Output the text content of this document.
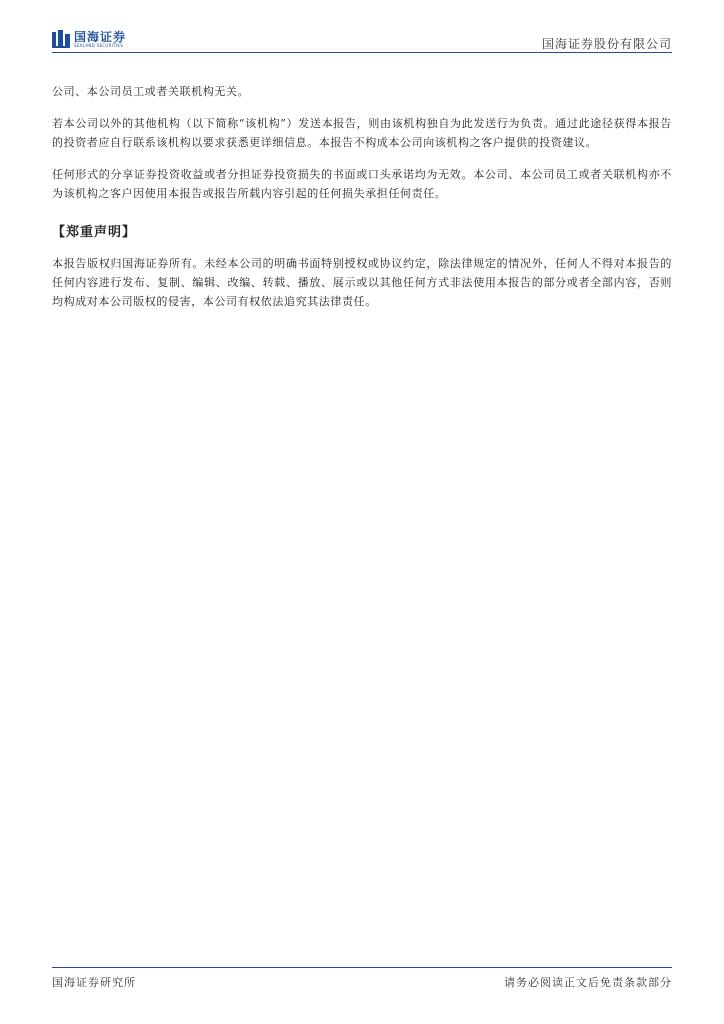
国海证券
SEALAND SECURITIES	国海证券股份有限公司

公司、本公司员工或者关联机构无关。

若本公司以外的其他机构（以下简称“该机构”）发送本报告，则由该机构独自为此发送行为负责。通过此途径获得本报告的投资者应自行联系该机构以要求获悉更详细信息。本报告不构成本公司向该机构之客户提供的投资建议。

任何形式的分享证券投资收益或者分担证券投资损失的书面或口头承诺均为无效。本公司、本公司员工或者关联机构亦不为该机构之客户因使用本报告或报告所载内容引起的任何损失承担任何责任。

【郑重声明】

本报告版权归国海证券所有。未经本公司的明确书面特别授权或协议约定，除法律规定的情况外，任何人不得对本报告的任何内容进行发布、复制、编辑、改编、转载、播放、展示或以其他任何方式非法使用本报告的部分或者全部内容，否则均构成对本公司版权的侵害，本公司有权依法追究其法律责任。

国海证券研究所	请务必阅读正文后免责条款部分
